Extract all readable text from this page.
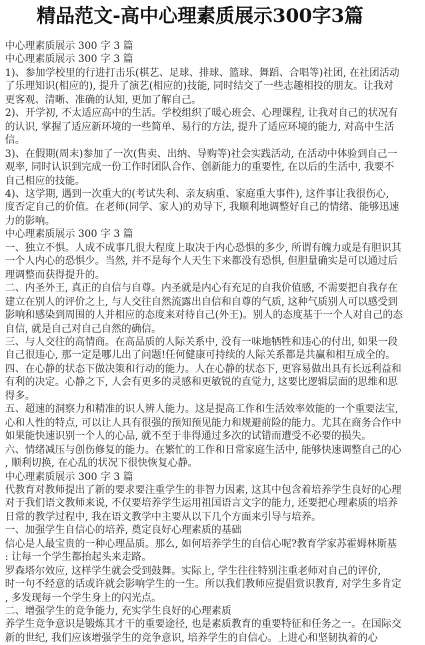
精品范文-高中心理素质展示300字3篇
中心理素质展示 300 字 3 篇
中心理素质展示 300 字 3 篇
1)、参加学校里的行进打击乐(棋艺、足球、排球、篮球、舞蹈、合唱等)社团, 在社团活动
了乐理知识(相应的), 提升了演艺(相应的)技能, 同时结交了一些志趣相投的朋友。让我对
更客观、清晰、准确的认知, 更加了解自己。
2)、开学初, 不太适应高中的生活。学校组织了暖心班会、心理课程, 让我对自己的状况有
的认识, 掌握了适应新环境的一些简单、易行的方法, 提升了适应环境的能力, 对高中生活
信。
3)、在假期(周末)参加了一次(售卖、出纳、导购等)社会实践活动, 在活动中体验到自己一
观率, 同时认识到完成一份工作时团队合作、创新能力的重要性, 在以后的生活中, 我要不
自己相应的技能。
4)、这学期, 遇到一次重大的(考试失利、亲友病重、家庭重大事件), 这件事让我很伤心,
度否定自己的价值。在老师(同学、家人)的劝导下, 我顺利地调整好自己的情绪、能够迅速
力的影响。
中心理素质展示 300 字 3 篇
一、独立不惧。人成不成事几很大程度上取决于内心恐惧的多少, 所谓有魄力或是有胆识其
一个人内心的恐惧少。当然, 并不是每个人天生下来都没有恐惧, 但胆量确实是可以通过后
理调整而获得提升的。
二、内圣外王, 真正的自信与自尊。内圣就是内心有充足的自我价值感, 不需要把自我存在
建立在别人的评价之上, 与人交往自然流露出自信和自尊的气质, 这种气质别人可以感受到
影响和感染到周围的人并相应的态度来对待自己(外王)。别人的态度基于一个人对自己的态
自信, 就是自己对自己自然的确信。
三、与人交往的高情商。在高品质的人际关系中, 没有一味地牺牲和违心的付出, 如果一段
自己很违心, 那一定是哪儿出了问题!任何健康可持续的人际关系都是共赢和相互成全的。
四、在心静的状态下做决策和行动的能力。人在心静的状态下, 更容易做出具有长远利益和
有利的决定。心静之下, 人会有更多的灵感和更敏锐的直觉力, 这要比逻辑层面的思维和思
得多。
五、超速的洞察力和精准的识人辨人能力。这是提高工作和生活效率效能的一个重要法宝,
心和人性的特点, 可以让人具有很强的预知预见能力和规避前险的能力。尤其在商务合作中
如果能快速识别一个人的心品, 就不至于非得通过多次的试错而遭受不必要的损失。
六、情绪减压与创伤修复的能力。在繁忙的工作和日常家庭生活中, 能够快速调整自己的心
, 顺利切换, 在心乱的状况下很快恢复心静。
中心理素质展示 300 字 3 篇
代教育对教师提出了新的要求要注重学生的非智力因素, 这其中包含着培养学生良好的心理
对于我们语文教师来说, 不仅要培养学生运用祖国语言文字的能力, 还要把心理素质的培养
日常的教学过程中, 我在语文教学中主要从以下几个方面来引导与培养。
一、加强学生自信心的培养, 奠定良好心理素质的基础
信心是人最宝贵的一种心理品质。那么, 如何培养学生的自信心呢?教育学家苏霍姆林斯基
: 让每一个学生都抬起头来走路。
罗森塔尔效应, 这样学生就会受到鼓舞。实际上, 学生往往特别注重老师对自己的评价,
时一句不经意的话或许就会影响学生的一生。所以我们教师应提倡赏识教育, 对学生多肯定
, 多发现每一个学生身上的闪光点。
二、增强学生的竞争能力, 充实学生良好的心理素质
养学生竞争意识是锻炼其才干的重要途径, 也是素质教育的重要特征和任务之一。在国际交
新的世纪, 我们应该增强学生的竞争意识, 培养学生的自信心。上进心和坚韧执着的心
